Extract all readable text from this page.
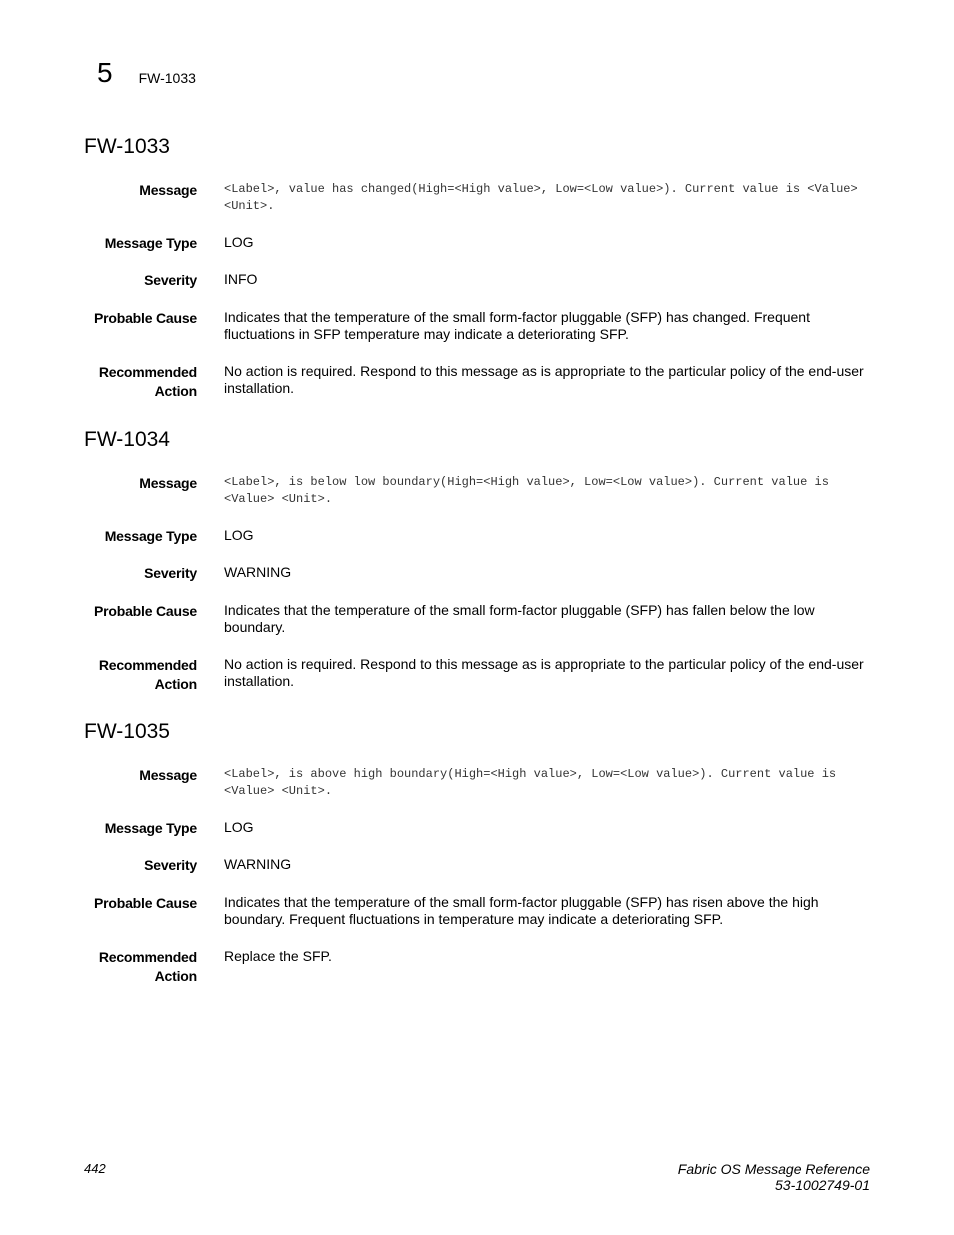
5 FW-1033
FW-1033
Message <Label>, value has changed(High=<High value>, Low=<Low value>). Current value is <Value> <Unit>.
Message Type LOG
Severity INFO
Probable Cause Indicates that the temperature of the small form-factor pluggable (SFP) has changed. Frequent fluctuations in SFP temperature may indicate a deteriorating SFP.
Recommended
Action
No action is required. Respond to this message as is appropriate to the particular policy of the end-user installation.
FW-1034
Message <Label>, is below low boundary(High=<High value>, Low=<Low value>). Current value is <Value> <Unit>.
Message Type LOG
Severity WARNING
Probable Cause Indicates that the temperature of the small form-factor pluggable (SFP) has fallen below the low boundary.
Recommended
Action
No action is required. Respond to this message as is appropriate to the particular policy of the end-user installation.
FW-1035
Message <Label>, is above high boundary(High=<High value>, Low=<Low value>). Current value is <Value> <Unit>.
Message Type LOG
Severity WARNING
Probable Cause Indicates that the temperature of the small form-factor pluggable (SFP) has risen above the high boundary. Frequent fluctuations in temperature may indicate a deteriorating SFP.
Recommended
Action
Replace the SFP.
442	Fabric OS Message Reference
53-1002749-01
